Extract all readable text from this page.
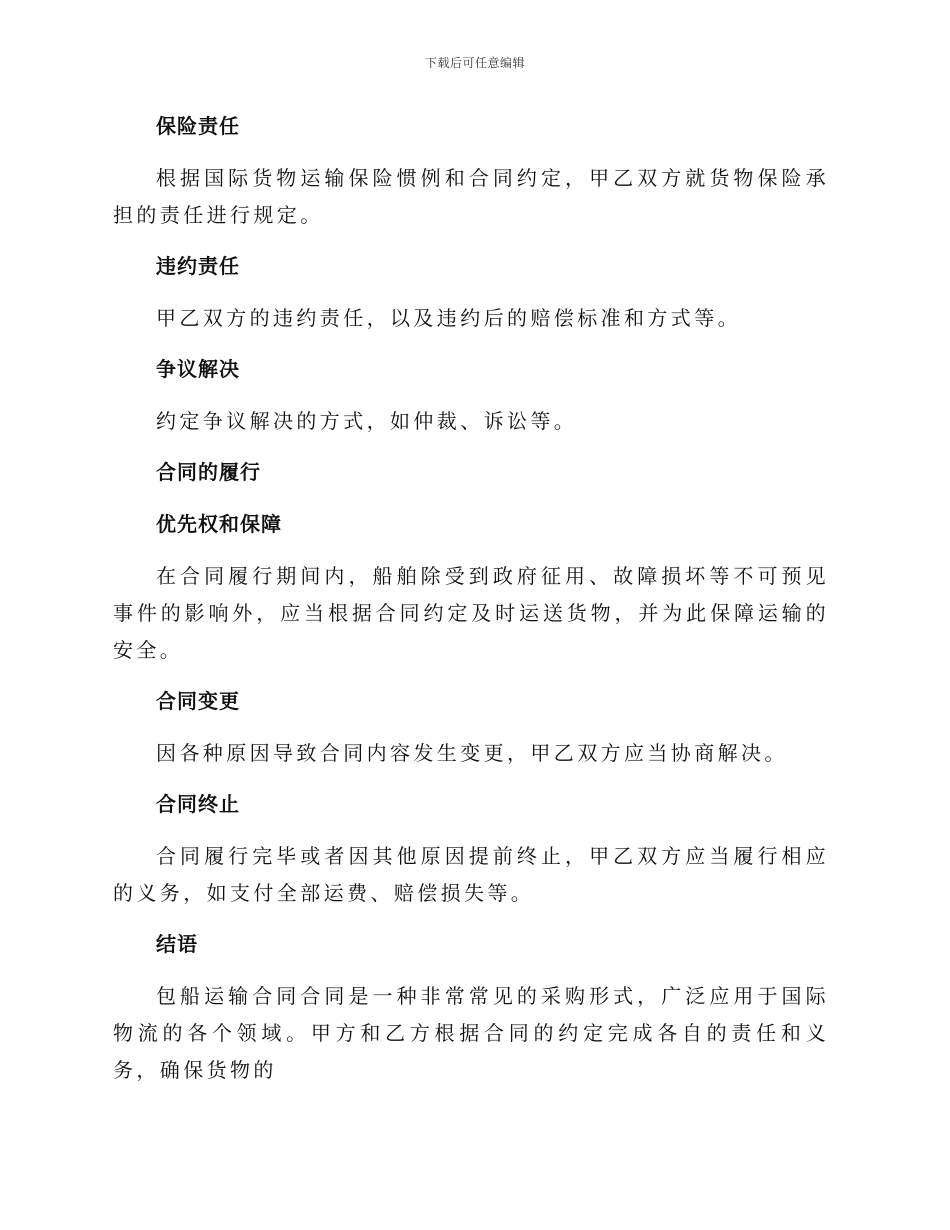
下载后可任意编辑
保险责任

根据国际货物运输保险惯例和合同约定，甲乙双方就货物保险承担的责任进行规定。

违约责任

甲乙双方的违约责任，以及违约后的赔偿标准和方式等。

争议解决

约定争议解决的方式，如仲裁、诉讼等。

合同的履行
优先权和保障

在合同履行期间内，船舶除受到政府征用、故障损坏等不可预见事件的影响外，应当根据合同约定及时运送货物，并为此保障运输的安全。

合同变更

因各种原因导致合同内容发生变更，甲乙双方应当协商解决。

合同终止

合同履行完毕或者因其他原因提前终止，甲乙双方应当履行相应的义务，如支付全部运费、赔偿损失等。

结语

包船运输合同合同是一种非常常见的采购形式，广泛应用于国际物流的各个领域。甲方和乙方根据合同的约定完成各自的责任和义务，确保货物的
